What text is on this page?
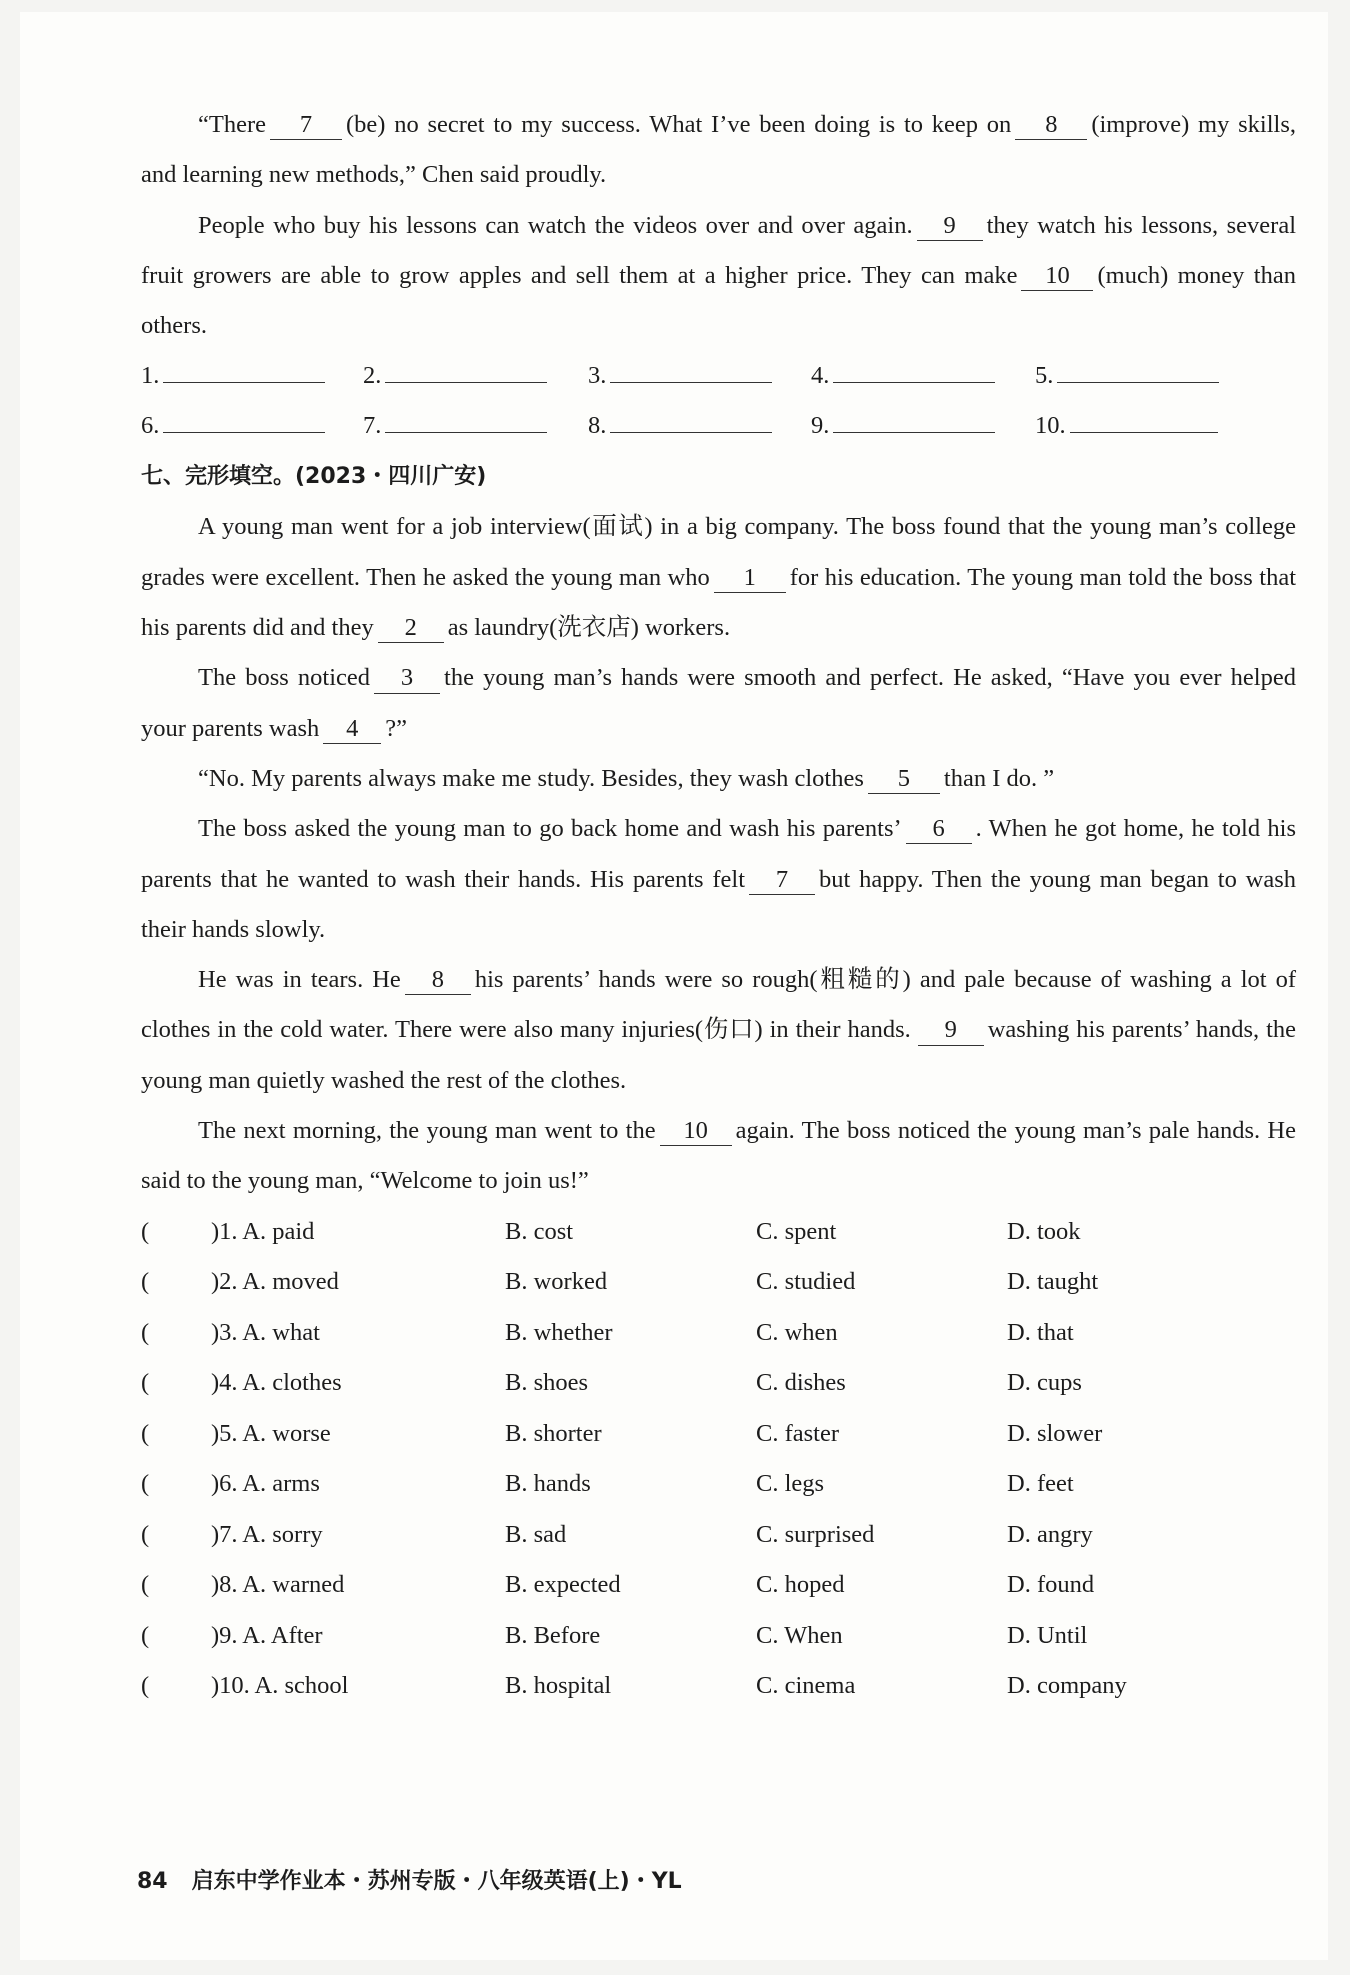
“There 7 (be) no secret to my success. What I’ve been doing is to keep on 8 (improve) my skills, and learning new methods,” Chen said proudly.

People who buy his lessons can watch the videos over and over again. 9 they watch his lessons, several fruit growers are able to grow apples and sell them at a higher price. They can make 10 (much) money than others.

1.	2.	3.	4.	5.
6.	7.	8.	9.	10.
七、完形填空。(2023・四川广安)

A young man went for a job interview(面试) in a big company. The boss found that the young man’s college grades were excellent. Then he asked the young man who 1 for his education. The young man told the boss that his parents did and they 2 as laundry(洗衣店) workers.

The boss noticed 3 the young man’s hands were smooth and perfect. He asked, “Have you ever helped your parents wash 4 ?”

“No. My parents always make me study. Besides, they wash clothes 5 than I do. ”

The boss asked the young man to go back home and wash his parents’ 6 . When he got home, he told his parents that he wanted to wash their hands. His parents felt 7 but happy. Then the young man began to wash their hands slowly.

He was in tears. He 8 his parents’ hands were so rough(粗糙的) and pale because of washing a lot of clothes in the cold water. There were also many injuries(伤口) in their hands. 9 washing his parents’ hands, the young man quietly washed the rest of the clothes.

The next morning, the young man went to the 10 again. The boss noticed the young man’s pale hands. He said to the young man, “Welcome to join us!”

(	)1. A. paid	B. cost	C. spent	D. took
(	)2. A. moved	B. worked	C. studied	D. taught
(	)3. A. what	B. whether	C. when	D. that
(	)4. A. clothes	B. shoes	C. dishes	D. cups
(	)5. A. worse	B. shorter	C. faster	D. slower
(	)6. A. arms	B. hands	C. legs	D. feet
(	)7. A. sorry	B. sad	C. surprised	D. angry
(	)8. A. warned	B. expected	C. hoped	D. found
(	)9. A. After	B. Before	C. When	D. Until
(	)10. A. school	B. hospital	C. cinema	D. company
84 启东中学作业本・苏州专版・八年级英语(上)・YL
